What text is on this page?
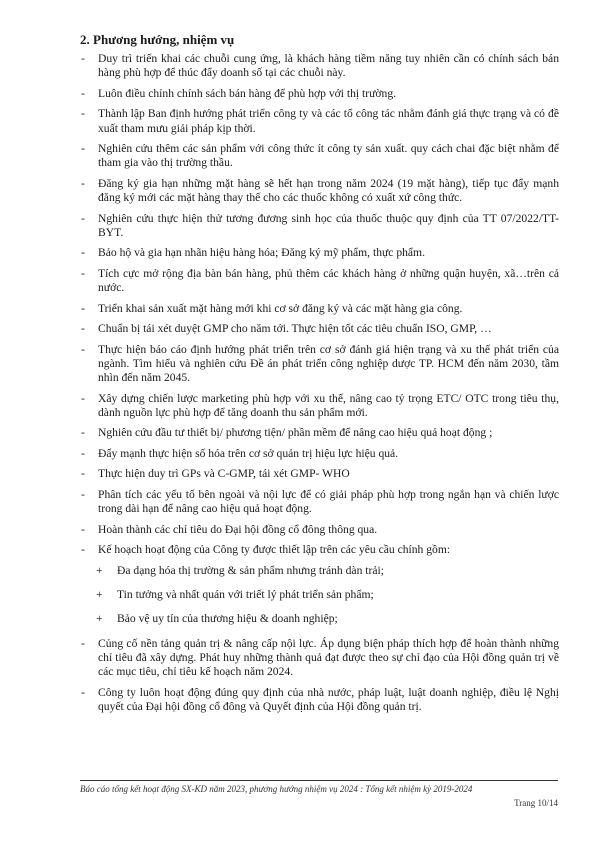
2. Phương hướng, nhiệm vụ
- Duy trì triển khai các chuỗi cung ứng, là khách hàng tiềm năng tuy nhiên cần có chính sách bán hàng phù hợp để thúc đẩy doanh số tại các chuỗi này.
- Luôn điều chỉnh chính sách bán hàng để phù hợp với thị trường.
- Thành lập Ban định hướng phát triển công ty và các tổ công tác nhằm đánh giá thực trạng và có đề xuất tham mưu giải pháp kịp thời.
- Nghiên cứu thêm các sản phẩm với công thức ít công ty sản xuất. quy cách chai đặc biệt nhằm để tham gia vào thị trường thầu.
- Đăng ký gia hạn những mặt hàng sẽ hết hạn trong năm 2024 (19 mặt hàng), tiếp tục đẩy mạnh đăng ký mới các mặt hàng thay thế cho các thuốc không có xuất xứ công thức.
- Nghiên cứu thực hiện thử tương đương sinh học của thuốc thuộc quy định của TT 07/2022/TT- BYT.
- Bảo hộ và gia hạn nhãn hiệu hàng hóa; Đăng ký mỹ phẩm, thực phẩm.
- Tích cực mở rộng địa bàn bán hàng, phủ thêm các khách hàng ở những quận huyện, xã…trên cả nước.
- Triển khai sản xuất mặt hàng mới khi cơ sở đăng ký và các mặt hàng gia công.
- Chuẩn bị tái xét duyệt GMP cho năm tới. Thực hiện tốt các tiêu chuẩn ISO, GMP, …
- Thực hiện báo cáo định hướng phát triển trên cơ sở đánh giá hiện trạng và xu thế phát triển của ngành. Tìm hiểu và nghiên cứu Đề án phát triển công nghiệp dược TP. HCM đến năm 2030, tầm nhìn đến năm 2045.
- Xây dựng chiến lược marketing phù hợp với xu thế, nâng cao tỷ trọng ETC/ OTC trong tiêu thụ, dành nguồn lực phù hợp để tăng doanh thu sản phẩm mới.
- Nghiên cứu đầu tư thiết bị/ phương tiện/ phần mềm để nâng cao hiệu quả hoạt động ;
- Đẩy mạnh thực hiện số hóa trên cơ sở quản trị hiệu lực hiệu quả.
- Thực hiện duy trì GPs và C-GMP, tái xét GMP- WHO
- Phân tích các yếu tố bên ngoài và nội lực để có giải pháp phù hợp trong ngắn hạn và chiến lược trong dài hạn để nâng cao hiệu quả hoạt động.
- Hoàn thành các chỉ tiêu do Đại hội đồng cổ đông thông qua.
- Kế hoạch hoạt động của Công ty được thiết lập trên các yêu cầu chính gồm:
+ Đa dạng hóa thị trường & sản phẩm nhưng tránh dàn trải;
+ Tin tưởng và nhất quán với triết lý phát triển sản phẩm;
+ Bảo vệ uy tín của thương hiệu & doanh nghiệp;
- Củng cố nền tảng quản trị & nâng cấp nội lực. Áp dụng biện pháp thích hợp để hoàn thành những chỉ tiêu đã xây dựng. Phát huy những thành quả đạt được theo sự chỉ đạo của Hội đồng quản trị về các mục tiêu, chỉ tiêu kế hoạch năm 2024.
- Công ty luôn hoạt động đúng quy định của nhà nước, pháp luật, luật doanh nghiệp, điều lệ Nghị quyết của Đại hội đồng cổ đông và Quyết định của Hội đồng quản trị.
Báo cáo tổng kết hoạt động SX-KD năm 2023, phương hướng nhiệm vụ 2024 : Tổng kết nhiệm kỳ 2019-2024
Trang 10/14
